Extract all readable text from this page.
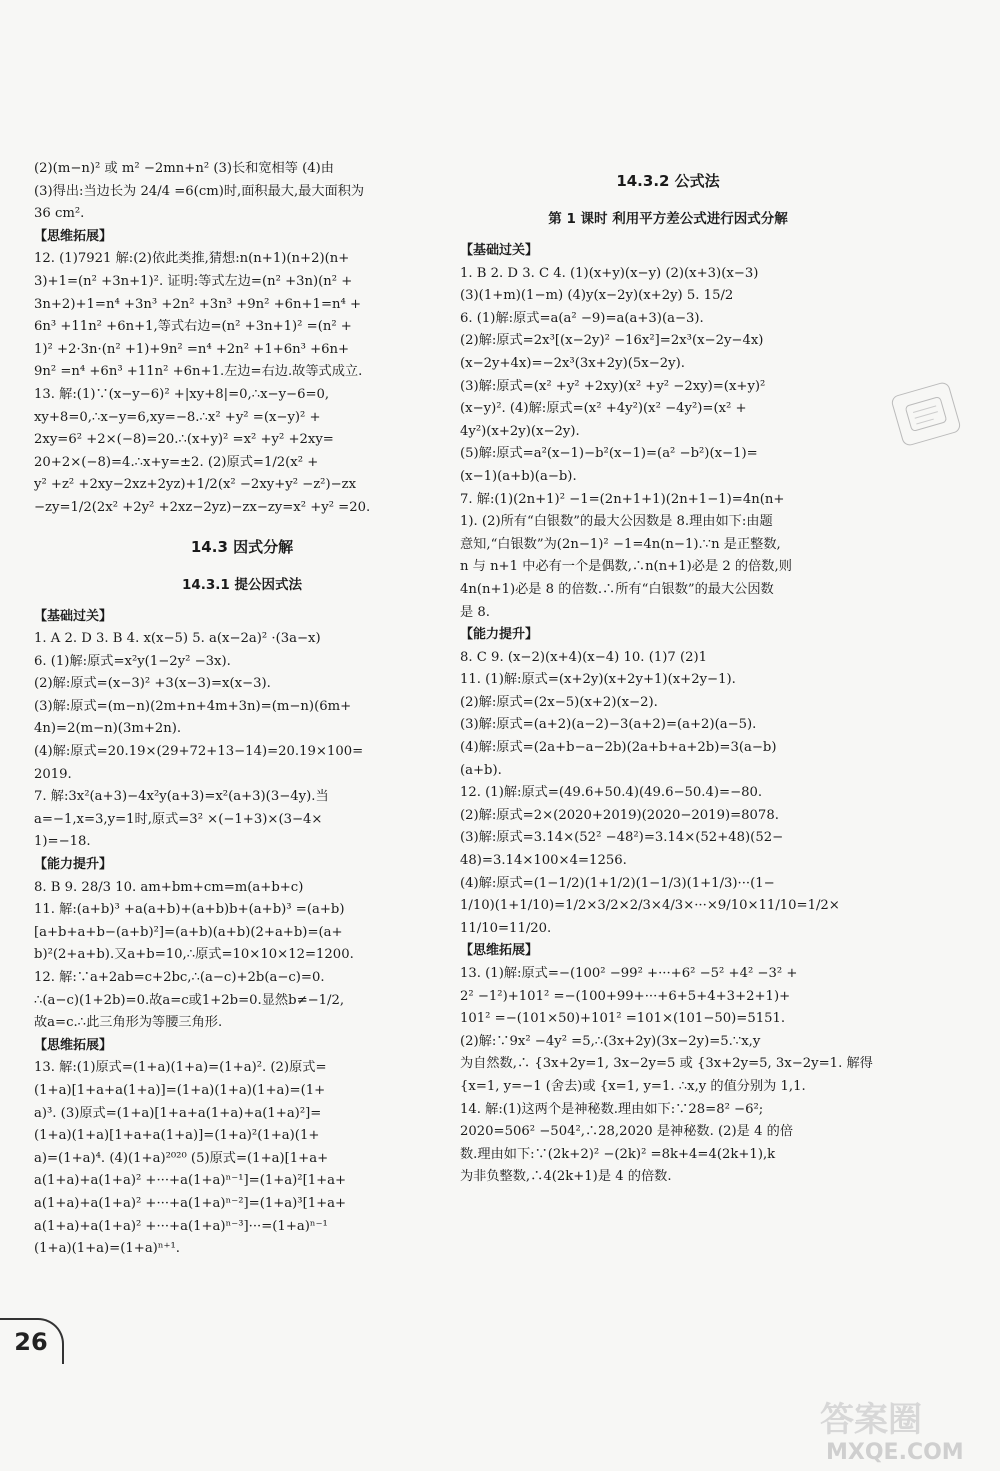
(2)(m−n)² 或 m² −2mn+n² (3)长和宽相等 (4)由
(3)得出:当边长为 24/4 =6(cm)时,面积最大,最大面积为
36 cm².
【思维拓展】
12. (1)7921 解:(2)依此类推,猜想:n(n+1)(n+2)(n+
3)+1=(n² +3n+1)². 证明:等式左边=(n² +3n)(n² +
3n+2)+1=n⁴ +3n³ +2n² +3n³ +9n² +6n+1=n⁴ +
6n³ +11n² +6n+1,等式右边=(n² +3n+1)² =(n² +
1)² +2·3n·(n² +1)+9n² =n⁴ +2n² +1+6n³ +6n+
9n² =n⁴ +6n³ +11n² +6n+1.左边=右边.故等式成立.
13. 解:(1)∵(x−y−6)² +|xy+8|=0,∴x−y−6=0,
xy+8=0,∴x−y=6,xy=−8.∴x² +y² =(x−y)² +
2xy=6² +2×(−8)=20.∴(x+y)² =x² +y² +2xy=
20+2×(−8)=4.∴x+y=±2. (2)原式=1/2(x² +
y² +z² +2xy−2xz+2yz)+1/2(x² −2xy+y² −z²)−zx
−zy=1/2(2x² +2y² +2xz−2yz)−zx−zy=x² +y² =20.
14.3 因式分解
14.3.1 提公因式法
【基础过关】
1. A 2. D 3. B 4. x(x−5) 5. a(x−2a)² ·(3a−x)
6. (1)解:原式=x²y(1−2y² −3x).
(2)解:原式=(x−3)² +3(x−3)=x(x−3).
(3)解:原式=(m−n)(2m+n+4m+3n)=(m−n)(6m+
4n)=2(m−n)(3m+2n).
(4)解:原式=20.19×(29+72+13−14)=20.19×100=
2019.
7. 解:3x²(a+3)−4x²y(a+3)=x²(a+3)(3−4y).当
a=−1,x=3,y=1时,原式=3² ×(−1+3)×(3−4×
1)=−18.
【能力提升】
8. B 9. 28/3 10. am+bm+cm=m(a+b+c)
11. 解:(a+b)³ +a(a+b)+(a+b)b+(a+b)³ =(a+b)
[a+b+a+b−(a+b)²]=(a+b)(a+b)(2+a+b)=(a+
b)²(2+a+b).又a+b=10,∴原式=10×10×12=1200.
12. 解:∵a+2ab=c+2bc,∴(a−c)+2b(a−c)=0.
∴(a−c)(1+2b)=0.故a=c或1+2b=0.显然b≠−1/2,
故a=c.∴此三角形为等腰三角形.
【思维拓展】
13. 解:(1)原式=(1+a)(1+a)=(1+a)². (2)原式=
(1+a)[1+a+a(1+a)]=(1+a)(1+a)(1+a)=(1+
a)³. (3)原式=(1+a)[1+a+a(1+a)+a(1+a)²]=
(1+a)(1+a)[1+a+a(1+a)]=(1+a)²(1+a)(1+
a)=(1+a)⁴. (4)(1+a)²⁰²⁰ (5)原式=(1+a)[1+a+
a(1+a)+a(1+a)² +···+a(1+a)ⁿ⁻¹]=(1+a)²[1+a+
a(1+a)+a(1+a)² +···+a(1+a)ⁿ⁻²]=(1+a)³[1+a+
a(1+a)+a(1+a)² +···+a(1+a)ⁿ⁻³]···=(1+a)ⁿ⁻¹
(1+a)(1+a)=(1+a)ⁿ⁺¹.
14.3.2 公式法
第 1 课时 利用平方差公式进行因式分解
【基础过关】
1. B 2. D 3. C 4. (1)(x+y)(x−y) (2)(x+3)(x−3)
(3)(1+m)(1−m) (4)y(x−2y)(x+2y) 5. 15/2
6. (1)解:原式=a(a² −9)=a(a+3)(a−3).
(2)解:原式=2x³[(x−2y)² −16x²]=2x³(x−2y−4x)
(x−2y+4x)=−2x³(3x+2y)(5x−2y).
(3)解:原式=(x² +y² +2xy)(x² +y² −2xy)=(x+y)²
(x−y)². (4)解:原式=(x² +4y²)(x² −4y²)=(x² +
4y²)(x+2y)(x−2y).
(5)解:原式=a²(x−1)−b²(x−1)=(a² −b²)(x−1)=
(x−1)(a+b)(a−b).
7. 解:(1)(2n+1)² −1=(2n+1+1)(2n+1−1)=4n(n+
1). (2)所有“白银数”的最大公因数是 8.理由如下:由题
意知,“白银数”为(2n−1)² −1=4n(n−1).∵n 是正整数,
n 与 n+1 中必有一个是偶数,∴n(n+1)必是 2 的倍数,则
4n(n+1)必是 8 的倍数.∴所有“白银数”的最大公因数
是 8.
【能力提升】
8. C 9. (x−2)(x+4)(x−4) 10. (1)7 (2)1
11. (1)解:原式=(x+2y)(x+2y+1)(x+2y−1).
(2)解:原式=(2x−5)(x+2)(x−2).
(3)解:原式=(a+2)(a−2)−3(a+2)=(a+2)(a−5).
(4)解:原式=(2a+b−a−2b)(2a+b+a+2b)=3(a−b)
(a+b).
12. (1)解:原式=(49.6+50.4)(49.6−50.4)=−80.
(2)解:原式=2×(2020+2019)(2020−2019)=8078.
(3)解:原式=3.14×(52² −48²)=3.14×(52+48)(52−
48)=3.14×100×4=1256.
(4)解:原式=(1−1/2)(1+1/2)(1−1/3)(1+1/3)···(1−
1/10)(1+1/10)=1/2×3/2×2/3×4/3×···×9/10×11/10=1/2×
11/10=11/20.
【思维拓展】
13. (1)解:原式=−(100² −99² +···+6² −5² +4² −3² +
2² −1²)+101² =−(100+99+···+6+5+4+3+2+1)+
101² =−(101×50)+101² =101×(101−50)=5151.
(2)解:∵9x² −4y² =5,∴(3x+2y)(3x−2y)=5.∵x,y
为自然数,∴ {3x+2y=1, 3x−2y=5 或 {3x+2y=5, 3x−2y=1. 解得
{x=1, y=−1 (舍去)或 {x=1, y=1. ∴x,y 的值分别为 1,1.
14. 解:(1)这两个是神秘数.理由如下:∵28=8² −6²;
2020=506² −504²,∴28,2020 是神秘数. (2)是 4 的倍
数.理由如下:∵(2k+2)² −(2k)² =8k+4=4(2k+1),k
为非负整数,∴4(2k+1)是 4 的倍数.
26
答案圈
MXQE.COM
